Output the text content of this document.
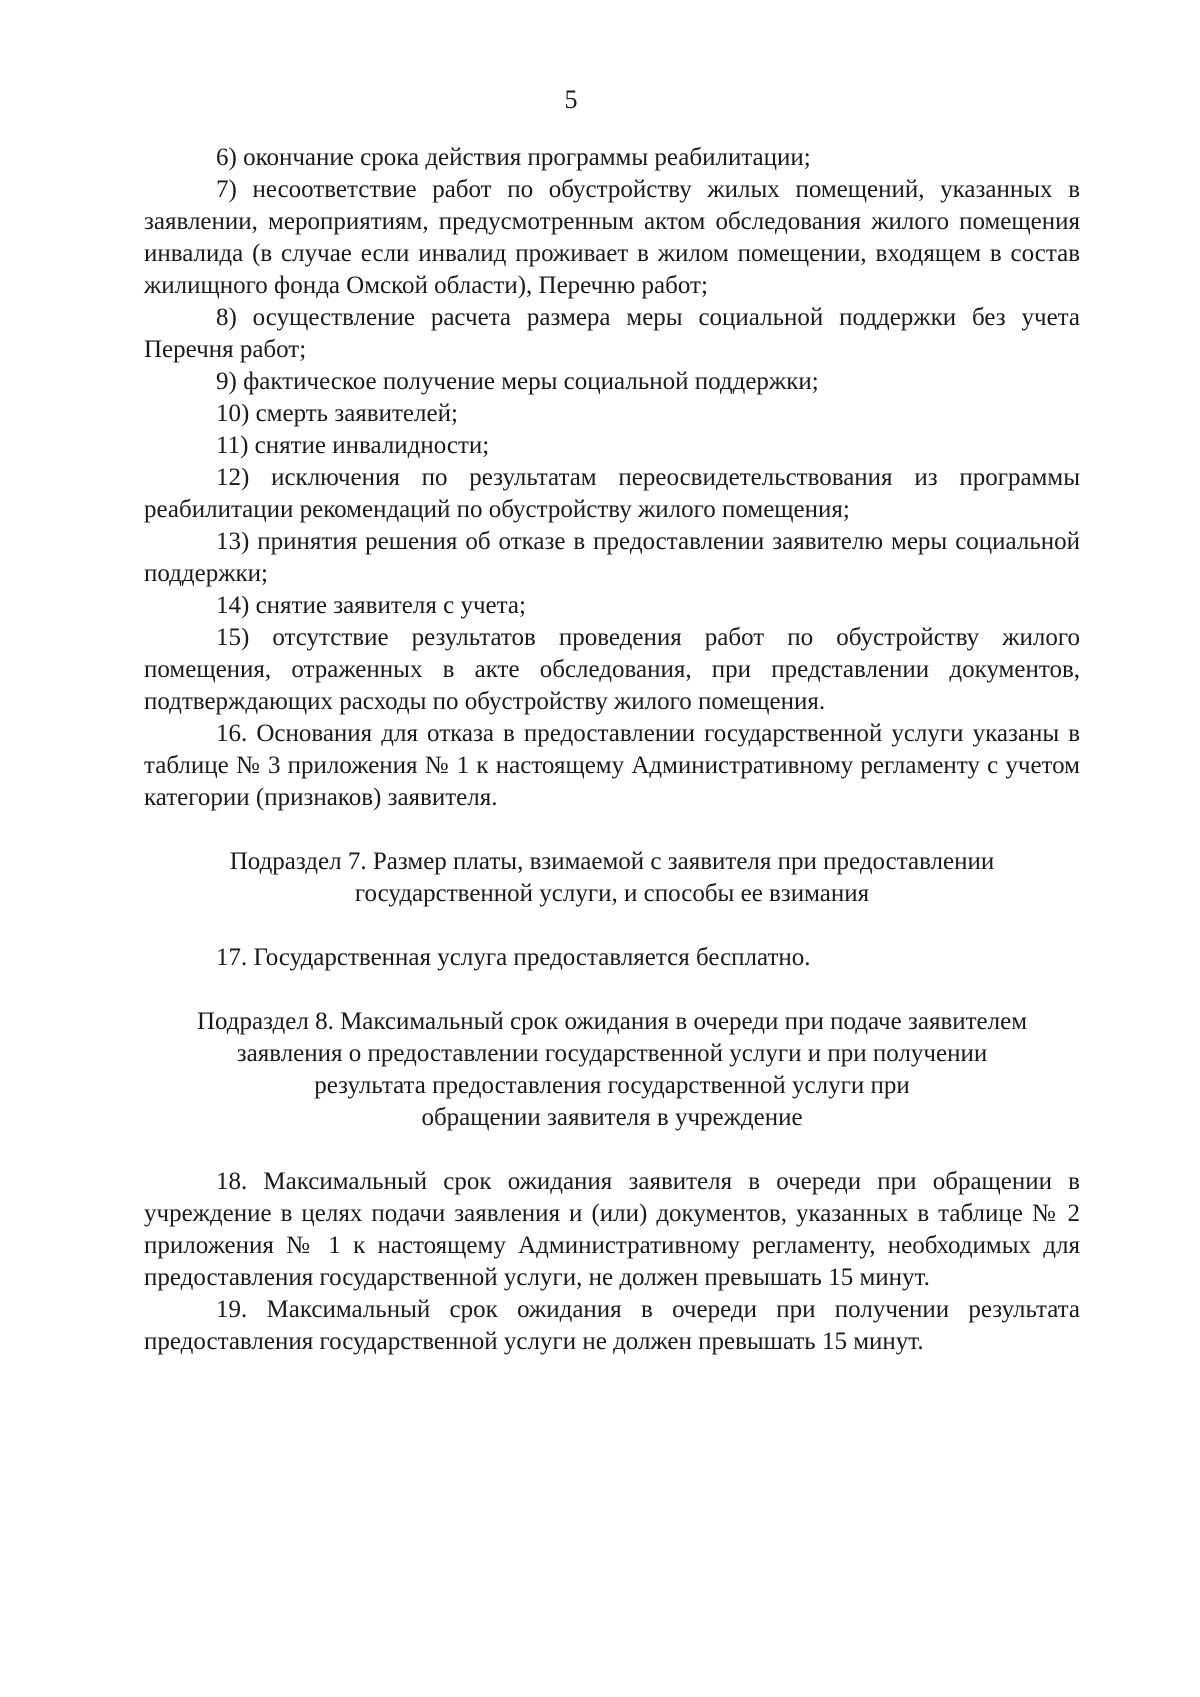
5

6) окончание срока действия программы реабилитации;

7) несоответствие работ по обустройству жилых помещений, указанных в заявлении, мероприятиям, предусмотренным актом обследования жилого помещения инвалида (в случае если инвалид проживает в жилом помещении, входящем в состав жилищного фонда Омской области), Перечню работ;

8) осуществление расчета размера меры социальной поддержки без учета Перечня работ;

9) фактическое получение меры социальной поддержки;

10) смерть заявителей;

11) снятие инвалидности;

12) исключения по результатам переосвидетельствования из программы реабилитации рекомендаций по обустройству жилого помещения;

13) принятия решения об отказе в предоставлении заявителю меры социальной поддержки;

14) снятие заявителя с учета;

15) отсутствие результатов проведения работ по обустройству жилого помещения, отраженных в акте обследования, при представлении документов, подтверждающих расходы по обустройству жилого помещения.

16. Основания для отказа в предоставлении государственной услуги указаны в таблице № 3 приложения № 1 к настоящему Административному регламенту с учетом категории (признаков) заявителя.

Подраздел 7. Размер платы, взимаемой с заявителя при предоставлении

государственной услуги, и способы ее взимания

17. Государственная услуга предоставляется бесплатно.

Подраздел 8. Максимальный срок ожидания в очереди при подаче заявителем

заявления о предоставлении государственной услуги и при получении

результата предоставления государственной услуги при

обращении заявителя в учреждение

18. Максимальный срок ожидания заявителя в очереди при обращении в учреждение в целях подачи заявления и (или) документов, указанных в таблице № 2 приложения № 1 к настоящему Административному регламенту, необходимых для предоставления государственной услуги, не должен превышать 15 минут.

19. Максимальный срок ожидания в очереди при получении результата предоставления государственной услуги не должен превышать 15 минут.
